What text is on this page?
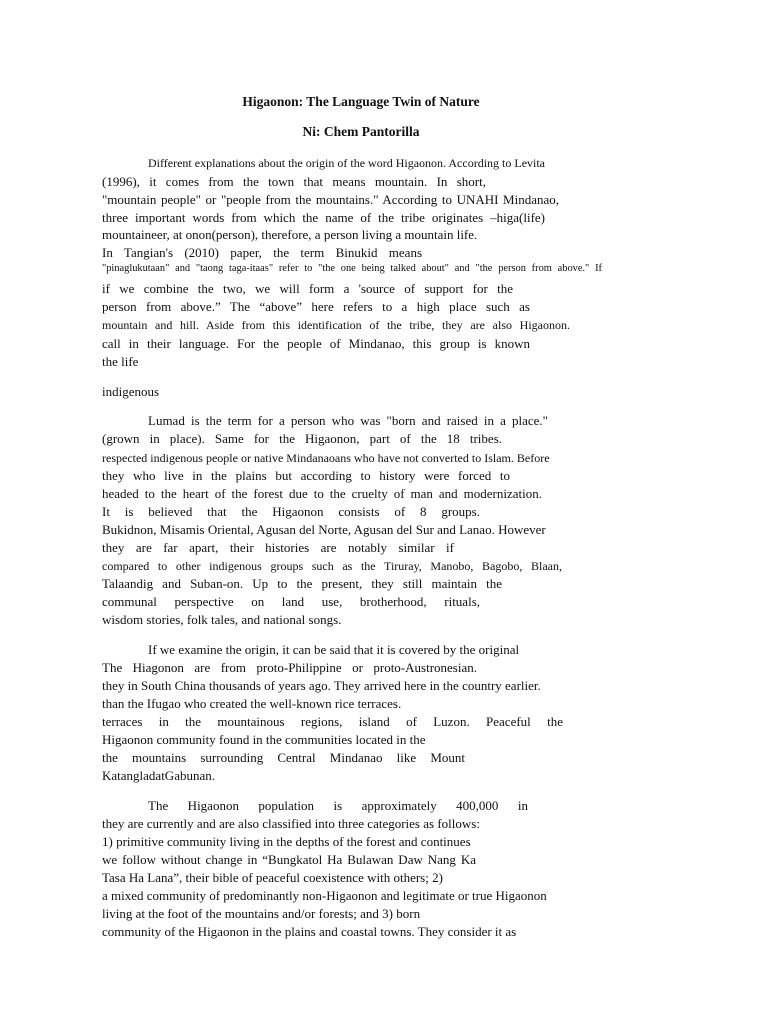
Higaonon: The Language Twin of Nature
Ni: Chem Pantorilla
Different explanations about the origin of the word Higaonon. According to Levita
(1996), it comes from the town that means mountain. In short,
"mountain people" or "people from the mountains." According to UNAHI Mindanao,
three important words from which the name of the tribe originates –higa(life)
mountaineer, at onon(person), therefore, a person living a mountain life.
In Tangian's (2010) paper, the term Binukid means
"pinaglukutaan" and "taong taga-itaas" refer to "the one being talked about" and "the person from above." If
if we combine the two, we will form a 'source of support for the
person from above.” The “above” here refers to a high place such as
mountain and hill. Aside from this identification of the tribe, they are also Higaonon.
call in their language. For the people of Mindanao, this group is known
the life
indigenous
Lumad is the term for a person who was "born and raised in a place."
(grown in place). Same for the Higaonon, part of the 18 tribes.
respected indigenous people or native Mindanaoans who have not converted to Islam. Before
they who live in the plains but according to history were forced to
headed to the heart of the forest due to the cruelty of man and modernization.
It is believed that the Higaonon consists of 8 groups.
Bukidnon, Misamis Oriental, Agusan del Norte, Agusan del Sur and Lanao. However
they are far apart, their histories are notably similar if
compared to other indigenous groups such as the Tiruray, Manobo, Bagobo, Blaan,
Talaandig and Suban-on. Up to the present, they still maintain the
communal perspective on land use, brotherhood, rituals,
wisdom stories, folk tales, and national songs.
If we examine the origin, it can be said that it is covered by the original
The Hiagonon are from proto-Philippine or proto-Austronesian.
they in South China thousands of years ago. They arrived here in the country earlier.
than the Ifugao who created the well-known rice terraces.
terraces in the mountainous regions, island of Luzon. Peaceful the
Higaonon community found in the communities located in the
the mountains surrounding Central Mindanao like Mount
KatangladatGabunan.
The Higaonon population is approximately 400,000 in
they are currently and are also classified into three categories as follows:
1) primitive community living in the depths of the forest and continues
we follow without change in “Bungkatol Ha Bulawan Daw Nang Ka
Tasa Ha Lana”, their bible of peaceful coexistence with others; 2)
a mixed community of predominantly non-Higaonon and legitimate or true Higaonon
living at the foot of the mountains and/or forests; and 3) born
community of the Higaonon in the plains and coastal towns. They consider it as
